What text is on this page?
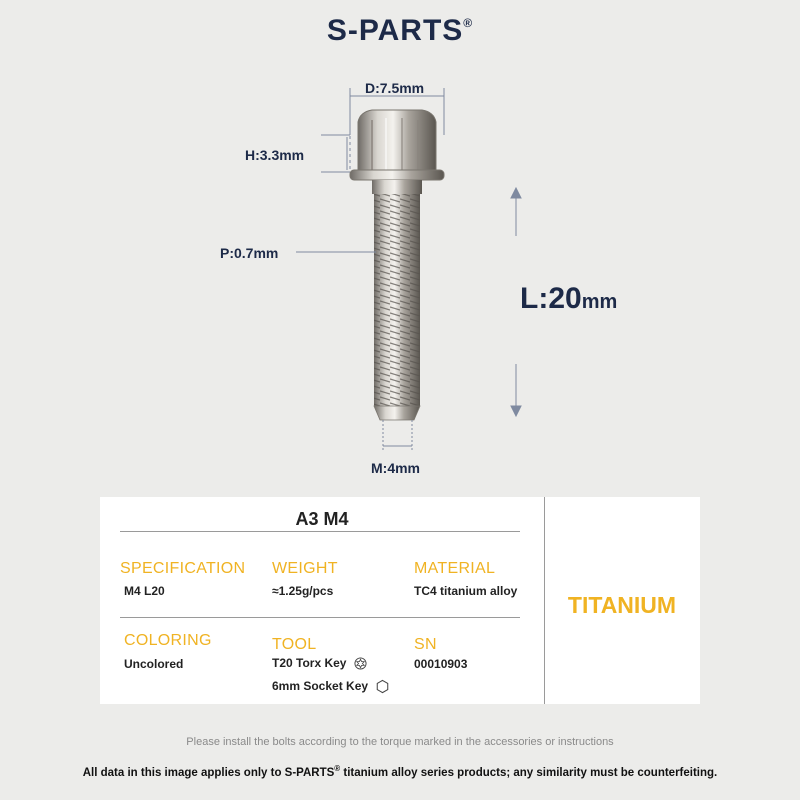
S-PARTS®
D:7.5mm
H:3.3mm
P:0.7mm
L:20mm
M:4mm
A3 M4
SPECIFICATION
M4 L20
WEIGHT
≈1.25g/pcs
MATERIAL
TC4 titanium alloy
COLORING
Uncolored
TOOL
T20 Torx Key
6mm Socket Key
SN
00010903
TITANIUM
Please install the bolts according to the torque marked in the accessories or instructions
All data in this image applies only to S-PARTS® titanium alloy series products; any similarity must be counterfeiting.
